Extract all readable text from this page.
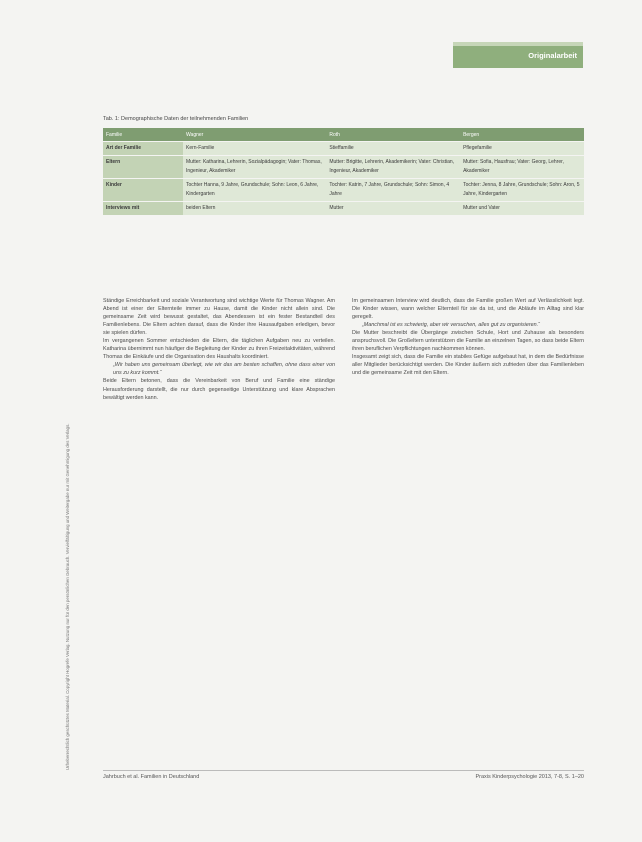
Originalarbeit
Urheberrechtlich geschütztes Material. Copyright Hogrefe Verlag. Nutzung nur für den persönlichen Gebrauch. Vervielfältigung und Weitergabe nur mit Genehmigung des Verlags.
Tab. 1: Demographische Daten der teilnehmenden Familien
Familie	Wagner	Roth	Bergen
Art der Familie	Kern-Familie	Stieffamilie	Pflegefamilie
Eltern	Mutter: Katharina, Lehrerin, Sozialpädagogin; Vater: Thomas, Ingenieur, Akademiker	Mutter: Brigitte, Lehrerin, Akademikerin; Vater: Christian, Ingenieur, Akademiker	Mutter: Sofia, Hausfrau; Vater: Georg, Lehrer, Akademiker
Kinder	Tochter Hanna, 9 Jahre, Grundschule; Sohn: Leon, 6 Jahre, Kindergarten	Tochter: Katrin, 7 Jahre, Grundschule; Sohn: Simon, 4 Jahre	Tochter: Jenna, 8 Jahre, Grundschule; Sohn: Aron, 5 Jahre, Kindergarten
Interviews mit	beiden Eltern	Mutter	Mutter und Vater

Ständige Erreichbarkeit und soziale Verantwortung sind wichtige Werte für Thomas Wagner. Am Abend ist einer der Elternteile immer zu Hause, damit die Kinder nicht allein sind. Die gemeinsame Zeit wird bewusst gestaltet, das Abendessen ist ein fester Bestandteil des Familienlebens. Die Eltern achten darauf, dass die Kinder ihre Hausaufgaben erledigen, bevor sie spielen dürfen.

Im vergangenen Sommer entschieden die Eltern, die täglichen Aufgaben neu zu verteilen. Katharina übernimmt nun häufiger die Begleitung der Kinder zu ihren Freizeitaktivitäten, während Thomas die Einkäufe und die Organisation des Haushalts koordiniert.

„Wir haben uns gemeinsam überlegt, wie wir das am besten schaffen, ohne dass einer von uns zu kurz kommt.“

Beide Eltern betonen, dass die Vereinbarkeit von Beruf und Familie eine ständige Herausforderung darstellt, die nur durch gegenseitige Unterstützung und klare Absprachen bewältigt werden kann.

Im gemeinsamen Interview wird deutlich, dass die Familie großen Wert auf Verlässlichkeit legt. Die Kinder wissen, wann welcher Elternteil für sie da ist, und die Abläufe im Alltag sind klar geregelt.

„Manchmal ist es schwierig, aber wir versuchen, alles gut zu organisieren.“

Die Mutter beschreibt die Übergänge zwischen Schule, Hort und Zuhause als besonders anspruchsvoll. Die Großeltern unterstützen die Familie an einzelnen Tagen, so dass beide Eltern ihren beruflichen Verpflichtungen nachkommen können.

Insgesamt zeigt sich, dass die Familie ein stabiles Gefüge aufgebaut hat, in dem die Bedürfnisse aller Mitglieder berücksichtigt werden. Die Kinder äußern sich zufrieden über das Familienleben und die gemeinsame Zeit mit den Eltern.

Jahrbuch et al. Familien in Deutschland	Praxis Kinderpsychologie 2013, 7-8, S. 1–20
